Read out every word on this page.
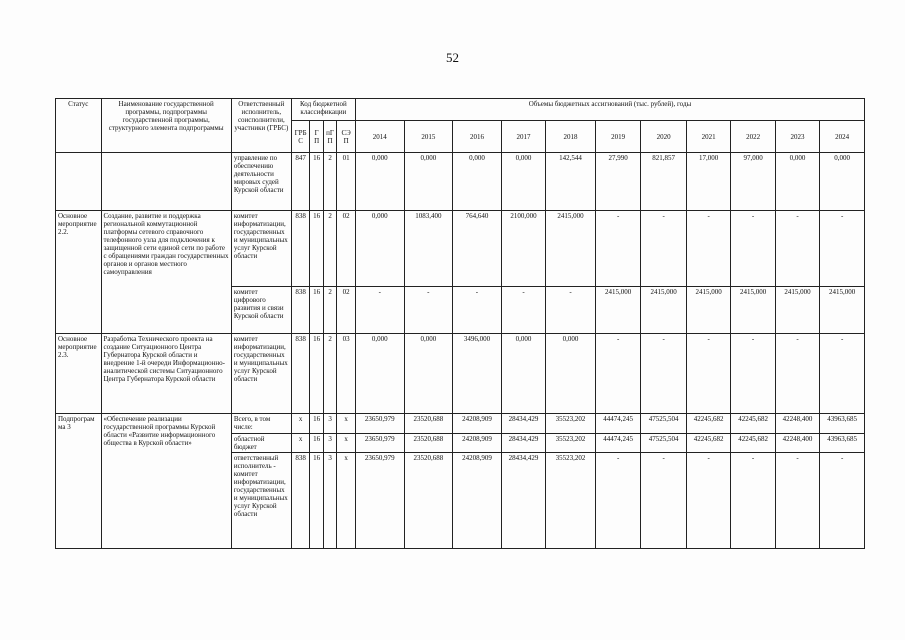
52
Статус	Наименование государственной программы, подпрограммы государственной программы, структурного элемента подпрограммы	Ответственный исполнитель, соисполнители, участники (ГРБС)	Код бюджетной классификации				Объемы бюджетных ассигнований (тыс. рублей), годы										
			ГРБС	ГП	пГП	СЭП	2014	2015	2016	2017	2018	2019	2020	2021	2022	2023	2024
		управление по обеспечению деятельности мировых судей Курской области	847	16	2	01	0,000	0,000	0,000	0,000	142,544	27,990	821,857	17,000	97,000	0,000	0,000
Основное мероприятие 2.2.	Создание, развитие и поддержка региональной коммутационной платформы сетевого справочного телефонного узла для подключения к защищенной сети единой сети по работе с обращениями граждан государственных органов и органов местного самоуправления	комитет информатизации, государственных и муниципальных услуг Курской области	838	16	2	02	0,000	1083,400	764,640	2100,000	2415,000	-	-	-	-	-	-
		комитет цифрового развития и связи Курской области	838	16	2	02	-	-	-	-	-	2415,000	2415,000	2415,000	2415,000	2415,000	2415,000
Основное мероприятие 2.3.	Разработка Технического проекта на создание Ситуационного Центра Губернатора Курской области и внедрение 1-й очереди Информационно-аналитической системы Ситуационного Центра Губернатора Курской области	комитет информатизации, государственных и муниципальных услуг Курской области	838	16	2	03	0,000	0,000	3496,000	0,000	0,000	-	-	-	-	-	-
Подпрограмма 3	«Обеспечение реализации государственной программы Курской области «Развитие информационного общества в Курской области»	Всего, в том числе:	х	16	3	х	23650,979	23520,688	24208,909	28434,429	35523,202	44474,245	47525,504	42245,682	42245,682	42248,400	43963,685
		областной бюджет	х	16	3	х	23650,979	23520,688	24208,909	28434,429	35523,202	44474,245	47525,504	42245,682	42245,682	42248,400	43963,685
		ответственный исполнитель - комитет информатизации, государственных и муниципальных услуг Курской области	838	16	3	х	23650,979	23520,688	24208,909	28434,429	35523,202	-	-	-	-	-	-
